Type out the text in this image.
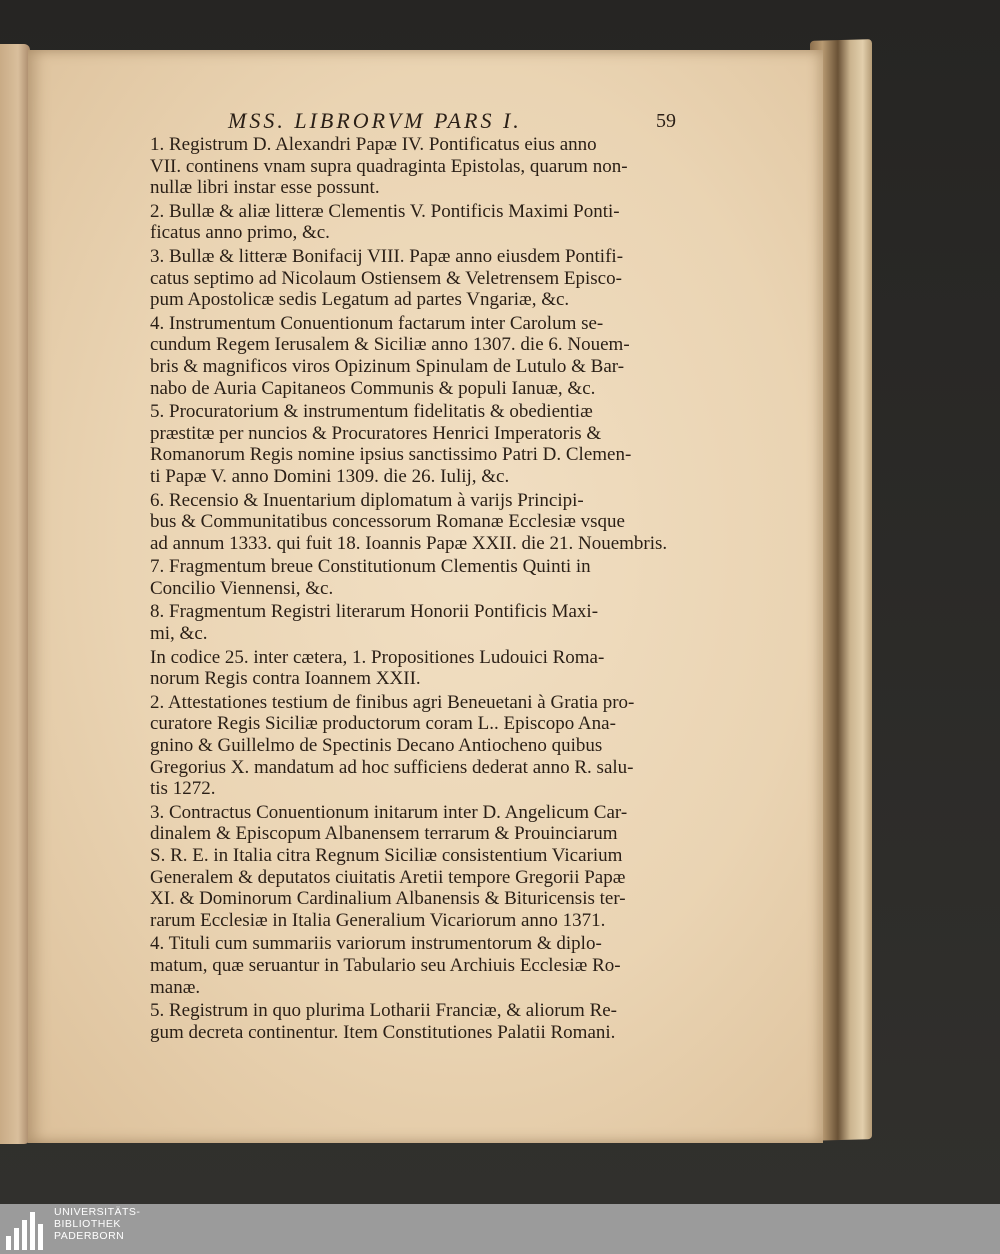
MSS. LIBRORVM PARS I.	59
1. Registrum D. Alexandri Papæ IV. Pontificatus eius anno
VII. continens vnam supra quadraginta Epistolas, quarum non-
nullæ libri instar esse possunt.
2. Bullæ & aliæ litteræ Clementis V. Pontificis Maximi Ponti-
ficatus anno primo, &c.
3. Bullæ & litteræ Bonifacij VIII. Papæ anno eiusdem Pontifi-
catus septimo ad Nicolaum Ostiensem & Veletrensem Episco-
pum Apostolicæ sedis Legatum ad partes Vngariæ, &c.
4. Instrumentum Conuentionum factarum inter Carolum se-
cundum Regem Ierusalem & Siciliæ anno 1307. die 6. Nouem-
bris & magnificos viros Opizinum Spinulam de Lutulo & Bar-
nabo de Auria Capitaneos Communis & populi Ianuæ, &c.
5. Procuratorium & instrumentum fidelitatis & obedientiæ
præstitæ per nuncios & Procuratores Henrici Imperatoris &
Romanorum Regis nomine ipsius sanctissimo Patri D. Clemen-
ti Papæ V. anno Domini 1309. die 26. Iulij, &c.
6. Recensio & Inuentarium diplomatum à varijs Principi-
bus & Communitatibus concessorum Romanæ Ecclesiæ vsque
ad annum 1333. qui fuit 18. Ioannis Papæ XXII. die 21. Nouembris.
7. Fragmentum breue Constitutionum Clementis Quinti in
Concilio Viennensi, &c.
8. Fragmentum Registri literarum Honorii Pontificis Maxi-
mi, &c.
In codice 25. inter cætera, 1. Propositiones Ludouici Roma-
norum Regis contra Ioannem XXII.
2. Attestationes testium de finibus agri Beneuetani à Gratia pro-
curatore Regis Siciliæ productorum coram L.. Episcopo Ana-
gnino & Guillelmo de Spectinis Decano Antiocheno quibus
Gregorius X. mandatum ad hoc sufficiens dederat anno R. salu-
tis 1272.
3. Contractus Conuentionum initarum inter D. Angelicum Car-
dinalem & Episcopum Albanensem terrarum & Prouinciarum
S. R. E. in Italia citra Regnum Siciliæ consistentium Vicarium
Generalem & deputatos ciuitatis Aretii tempore Gregorii Papæ
XI. & Dominorum Cardinalium Albanensis & Bituricensis ter-
rarum Ecclesiæ in Italia Generalium Vicariorum anno 1371.
4. Tituli cum summariis variorum instrumentorum & diplo-
matum, quæ seruantur in Tabulario seu Archiuis Ecclesiæ Ro-
manæ.
5. Registrum in quo plurima Lotharii Franciæ, & aliorum Re-
gum decreta continentur. Item Constitutiones Palatii Romani.
UNIVERSITÄTS-
BIBLIOTHEK
PADERBORN
